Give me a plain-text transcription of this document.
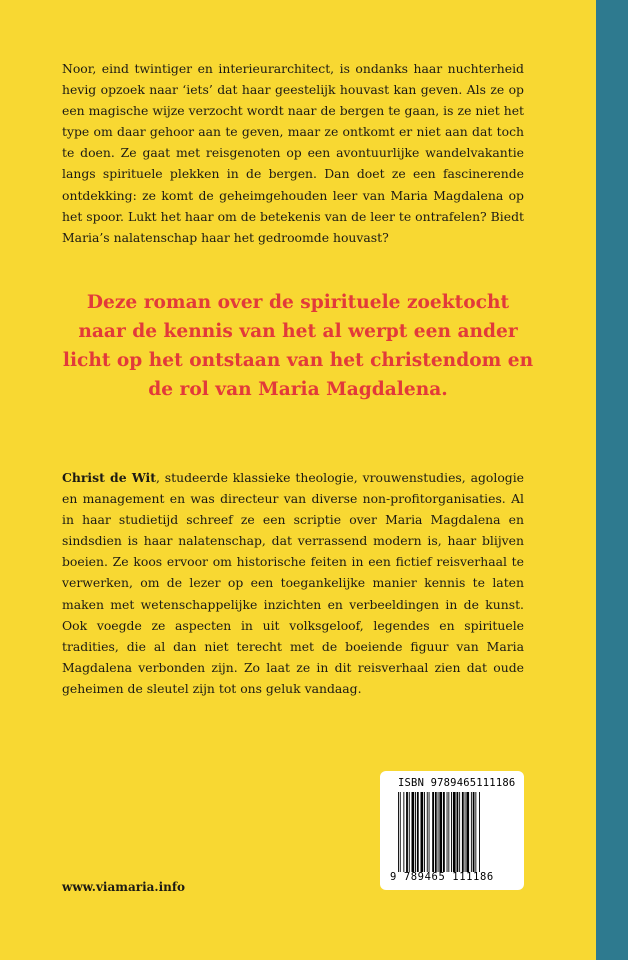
Noor, eind twintiger en interieurarchitect, is ondanks haar nuchterheid hevig opzoek naar ‘iets’ dat haar geestelijk houvast kan geven. Als ze op een magische wijze verzocht wordt naar de bergen te gaan, is ze niet het type om daar gehoor aan te geven, maar ze ontkomt er niet aan dat toch te doen. Ze gaat met reisgenoten op een avontuurlijke wandelvakantie langs spirituele plekken in de bergen. Dan doet ze een fascinerende ontdekking: ze komt de geheimgehouden leer van Maria Magdalena op het spoor. Lukt het haar om de betekenis van de leer te ontrafelen? Biedt Maria’s nalatenschap haar het gedroomde houvast?

Deze roman over de spirituele zoektocht naar de kennis van het al werpt een ander licht op het ontstaan van het christendom en de rol van Maria Magdalena.

Christ de Wit, studeerde klassieke theologie, vrouwenstudies, agologie en management en was directeur van diverse non-profitorganisaties. Al in haar studietijd schreef ze een scriptie over Maria Magdalena en sindsdien is haar nalatenschap, dat verrassend modern is, haar blijven boeien. Ze koos ervoor om historische feiten in een fictief reisverhaal te verwerken, om de lezer op een toegankelijke manier kennis te laten maken met wetenschappelijke inzichten en verbeeldingen in de kunst. Ook voegde ze aspecten in uit volksgeloof, legendes en spirituele tradities, die al dan niet terecht met de boeiende figuur van Maria Magdalena verbonden zijn. Zo laat ze in dit reisverhaal zien dat oude geheimen de sleutel zijn tot ons geluk vandaag.

ISBN 9789465111186
9 789465 111186
www.viamaria.info
